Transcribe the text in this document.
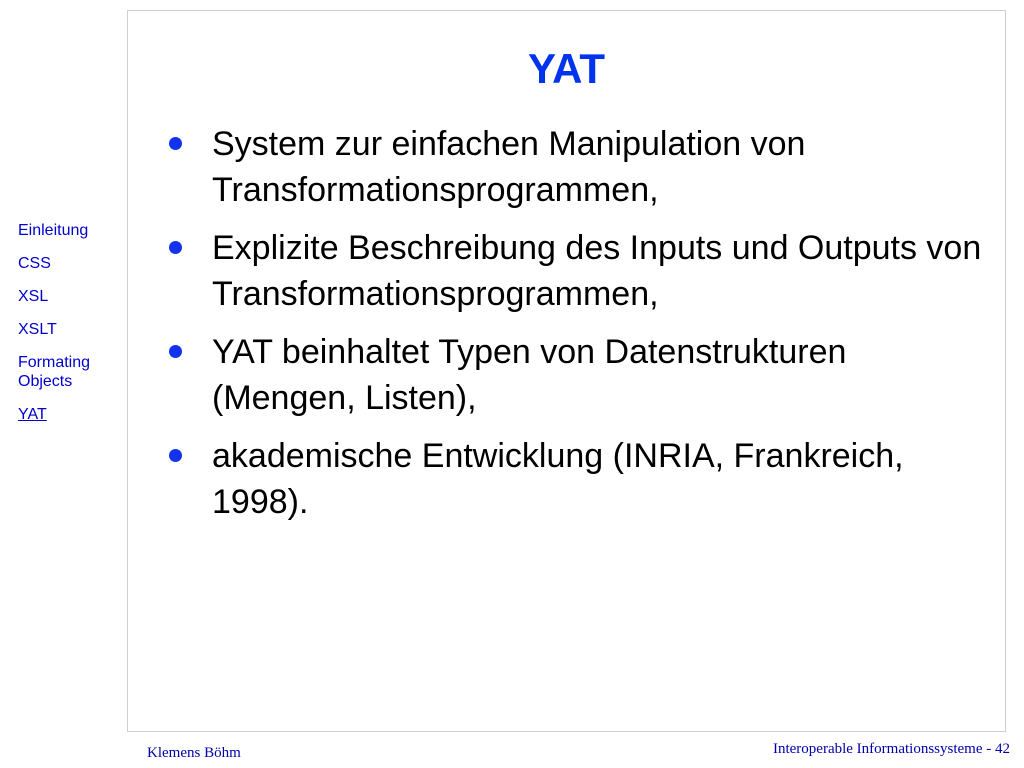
Einleitung
CSS
XSL
XSLT
Formating Objects
YAT
YAT
System zur einfachen Manipulation von Transformationsprogrammen,
Explizite Beschreibung des Inputs und Outputs von Transformationsprogrammen,
YAT beinhaltet Typen von Datenstrukturen (Mengen, Listen),
akademische Entwicklung (INRIA, Frankreich, 1998).
Klemens Böhm	Interoperable Informationssysteme - 42
